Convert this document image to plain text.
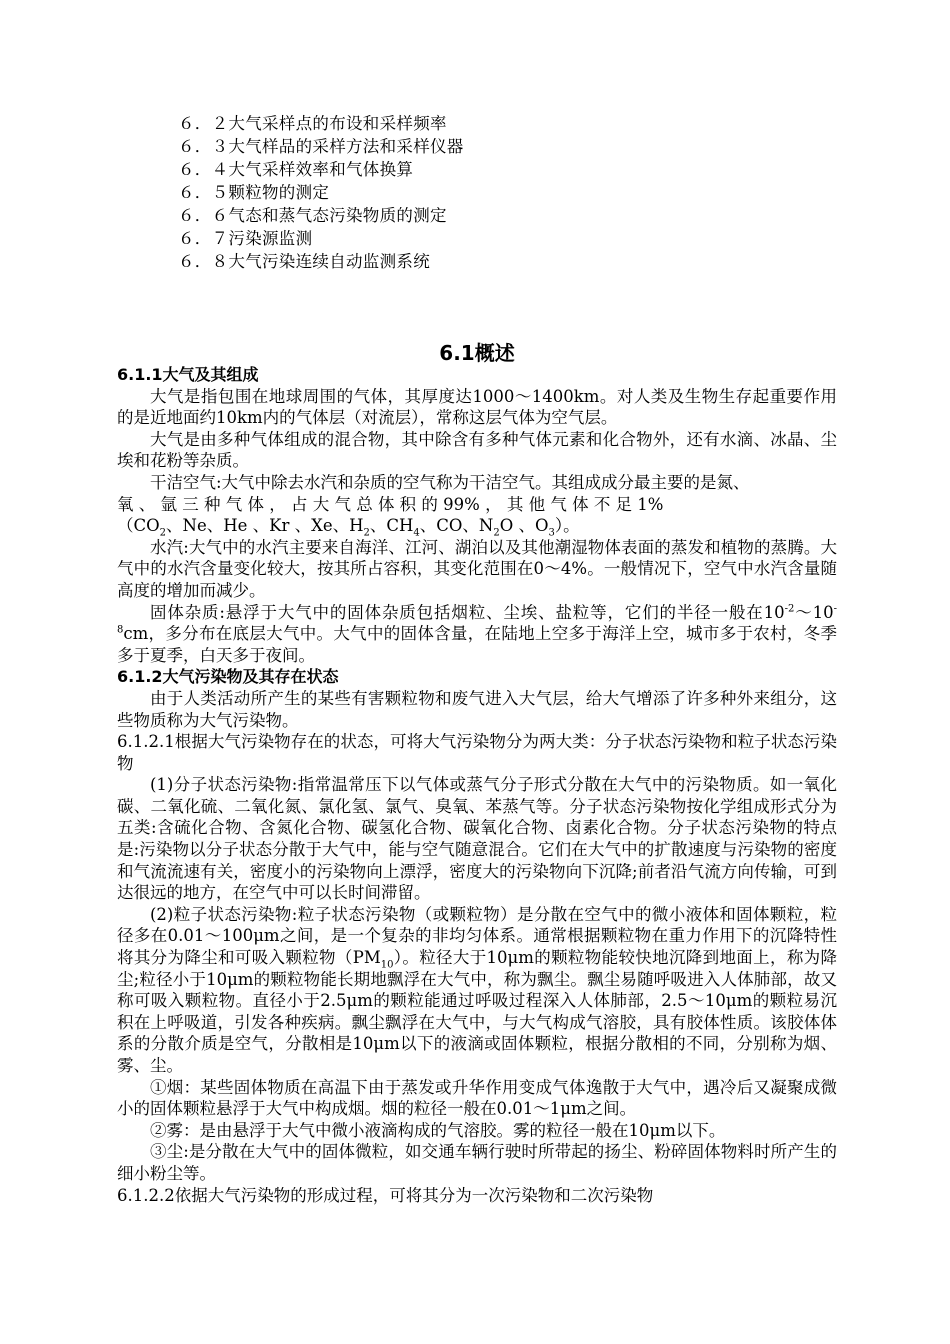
６．２大气采样点的布设和采样频率
６．３大气样品的采样方法和采样仪器
６．４大气采样效率和气体换算
６．５颗粒物的测定
６．６气态和蒸气态污染物质的测定
６．７污染源监测
６．８大气污染连续自动监测系统
6.1概述
6.1.1大气及其组成

大气是指包围在地球周围的气体，其厚度达1000～1400km。对人类及生物生存起重要作用的是近地面约10km内的气体层（对流层），常称这层气体为空气层。

大气是由多种气体组成的混合物，其中除含有多种气体元素和化合物外，还有水滴、冰晶、尘埃和花粉等杂质。

干洁空气:大气中除去水汽和杂质的空气称为干洁空气。其组成成分最主要的是氮、
氧 、 氩 三 种 气 体 ， 占 大 气 总 体 积 的 99% ， 其 他 气 体 不 足 1%
（$CO_2$、Ne、He 、Kr 、Xe、$H_2$、$CH_4$、CO、$N_2O$ 、$O_3$）。

水汽:大气中的水汽主要来自海洋、江河、湖泊以及其他潮湿物体表面的蒸发和植物的蒸腾。大气中的水汽含量变化较大，按其所占容积，其变化范围在0～4%。一般情况下，空气中水汽含量随高度的增加而减少。

固体杂质:悬浮于大气中的固体杂质包括烟粒、尘埃、盐粒等，它们的半径一般在$10^{-2}\sim 10^{-8}cm$，多分布在底层大气中。大气中的固体含量，在陆地上空多于海洋上空，城市多于农村，冬季多于夏季，白天多于夜间。

6.1.2大气污染物及其存在状态

由于人类活动所产生的某些有害颗粒物和废气进入大气层，给大气增添了许多种外来组分，这些物质称为大气污染物。

6.1.2.1根据大气污染物存在的状态，可将大气污染物分为两大类：分子状态污染物和粒子状态污染物

(1)分子状态污染物:指常温常压下以气体或蒸气分子形式分散在大气中的污染物质。如一氧化碳、二氧化硫、二氧化氮、氯化氢、氯气、臭氧、苯蒸气等。分子状态污染物按化学组成形式分为五类:含硫化合物、含氮化合物、碳氢化合物、碳氧化合物、卤素化合物。分子状态污染物的特点是:污染物以分子状态分散于大气中，能与空气随意混合。它们在大气中的扩散速度与污染物的密度和气流流速有关，密度小的污染物向上漂浮，密度大的污染物向下沉降;前者沿气流方向传输，可到达很远的地方，在空气中可以长时间滞留。

(2)粒子状态污染物:粒子状态污染物（或颗粒物）是分散在空气中的微小液体和固体颗粒，粒径多在0.01～100μm之间，是一个复杂的非均匀体系。通常根据颗粒物在重力作用下的沉降特性将其分为降尘和可吸入颗粒物$(PM_{10})$。粒径大于10μm的颗粒物能较快地沉降到地面上，称为降尘;粒径小于10μm的颗粒物能长期地飘浮在大气中，称为飘尘。飘尘易随呼吸进入人体肺部，故又称可吸入颗粒物。直径小于2.5μm的颗粒能通过呼吸过程深入人体肺部，2.5～10μm的颗粒易沉积在上呼吸道，引发各种疾病。飘尘飘浮在大气中，与大气构成气溶胶，具有胶体性质。该胶体体系的分散介质是空气，分散相是10μm以下的液滴或固体颗粒，根据分散相的不同，分别称为烟、雾、尘。

①烟：某些固体物质在高温下由于蒸发或升华作用变成气体逸散于大气中，遇冷后又凝聚成微小的固体颗粒悬浮于大气中构成烟。烟的粒径一般在0.01～1μm之间。

②雾：是由悬浮于大气中微小液滴构成的气溶胶。雾的粒径一般在10μm以下。

③尘:是分散在大气中的固体微粒，如交通车辆行驶时所带起的扬尘、粉碎固体物料时所产生的细小粉尘等。

6.1.2.2依据大气污染物的形成过程，可将其分为一次污染物和二次污染物
